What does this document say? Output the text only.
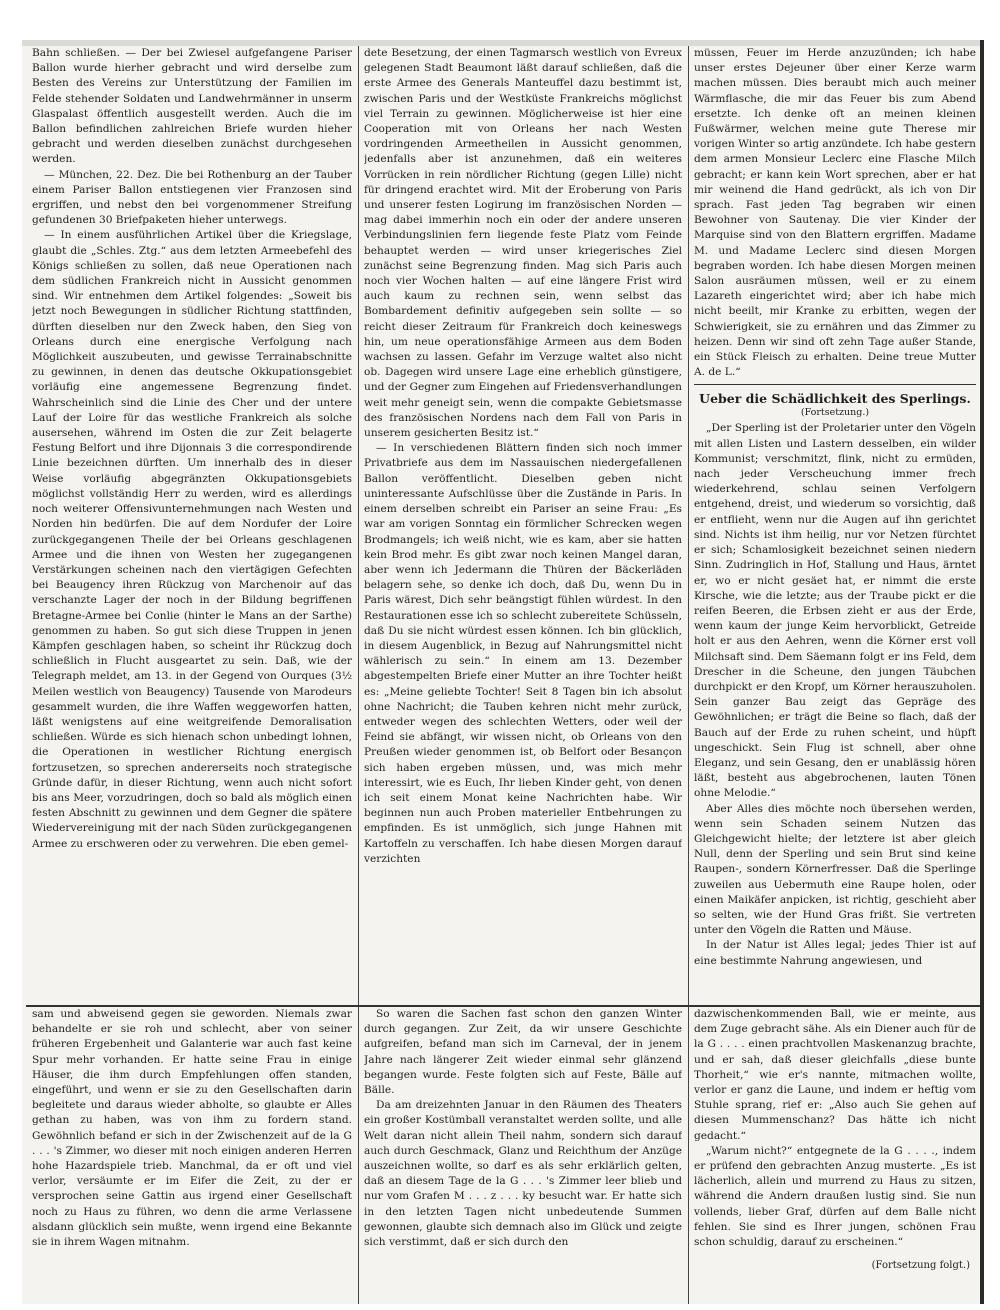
Bahn schließen. — Der bei Zwiesel aufgefangene Pariser Ballon wurde hierher gebracht und wird derselbe zum Besten des Vereins zur Unterstützung der Familien im Felde stehender Soldaten und Landwehrmänner in unserm Glaspalast öffentlich ausgestellt werden. Auch die im Ballon befindlichen zahlreichen Briefe wurden hieher gebracht und werden dieselben zunächst durchgesehen werden.

— München, 22. Dez. Die bei Rothenburg an der Tauber einem Pariser Ballon entstiegenen vier Franzosen sind ergriffen, und nebst den bei vorgenommener Streifung gefundenen 30 Briefpaketen hieher unterwegs.

— In einem ausführlichen Artikel über die Kriegslage, glaubt die „Schles. Ztg.“ aus dem letzten Armeebefehl des Königs schließen zu sollen, daß neue Operationen nach dem südlichen Frankreich nicht in Aussicht genommen sind. Wir entnehmen dem Artikel folgendes: „Soweit bis jetzt noch Bewegungen in südlicher Richtung stattfinden, dürften dieselben nur den Zweck haben, den Sieg von Orleans durch eine energische Verfolgung nach Möglichkeit auszubeuten, und gewisse Terrainabschnitte zu gewinnen, in denen das deutsche Okkupationsgebiet vorläufig eine angemessene Begrenzung findet. Wahrscheinlich sind die Linie des Cher und der untere Lauf der Loire für das westliche Frankreich als solche ausersehen, während im Osten die zur Zeit belagerte Festung Belfort und ihre Dijonnais 3 die correspondirende Linie bezeichnen dürften. Um innerhalb des in dieser Weise vorläufig abgegränzten Okkupationsgebiets möglichst vollständig Herr zu werden, wird es allerdings noch weiterer Offensivunternehmungen nach Westen und Norden hin bedürfen. Die auf dem Nordufer der Loire zurückgegangenen Theile der bei Orleans geschlagenen Armee und die ihnen von Westen her zugegangenen Verstärkungen scheinen nach den viertägigen Gefechten bei Beaugency ihren Rückzug von Marchenoir auf das verschanzte Lager der noch in der Bildung begriffenen Bretagne-Armee bei Conlie (hinter le Mans an der Sarthe) genommen zu haben. So gut sich diese Truppen in jenen Kämpfen geschlagen haben, so scheint ihr Rückzug doch schließlich in Flucht ausgeartet zu sein. Daß, wie der Telegraph meldet, am 13. in der Gegend von Ourques (3½ Meilen westlich von Beaugency) Tausende von Marodeurs gesammelt wurden, die ihre Waffen weggeworfen hatten, läßt wenigstens auf eine weitgreifende Demoralisation schließen. Würde es sich hienach schon unbedingt lohnen, die Operationen in westlicher Richtung energisch fortzusetzen, so sprechen andererseits noch strategische Gründe dafür, in dieser Richtung, wenn auch nicht sofort bis ans Meer, vorzudringen, doch so bald als möglich einen festen Abschnitt zu gewinnen und dem Gegner die spätere Wiedervereinigung mit der nach Süden zurückgegangenen Armee zu erschweren oder zu verwehren. Die eben gemel-

dete Besetzung, der einen Tagmarsch westlich von Evreux gelegenen Stadt Beaumont läßt darauf schließen, daß die erste Armee des Generals Manteuffel dazu bestimmt ist, zwischen Paris und der Westküste Frankreichs möglichst viel Terrain zu gewinnen. Möglicherweise ist hier eine Cooperation mit von Orleans her nach Westen vordringenden Armeetheilen in Aussicht genommen, jedenfalls aber ist anzunehmen, daß ein weiteres Vorrücken in rein nördlicher Richtung (gegen Lille) nicht für dringend erachtet wird. Mit der Eroberung von Paris und unserer festen Logirung im französischen Norden — mag dabei immerhin noch ein oder der andere unseren Verbindungslinien fern liegende feste Platz vom Feinde behauptet werden — wird unser kriegerisches Ziel zunächst seine Begrenzung finden. Mag sich Paris auch noch vier Wochen halten — auf eine längere Frist wird auch kaum zu rechnen sein, wenn selbst das Bombardement definitiv aufgegeben sein sollte — so reicht dieser Zeitraum für Frankreich doch keineswegs hin, um neue operationsfähige Armeen aus dem Boden wachsen zu lassen. Gefahr im Verzuge waltet also nicht ob. Dagegen wird unsere Lage eine erheblich günstigere, und der Gegner zum Eingehen auf Friedensverhandlungen weit mehr geneigt sein, wenn die compakte Gebietsmasse des französischen Nordens nach dem Fall von Paris in unserem gesicherten Besitz ist.“

— In verschiedenen Blättern finden sich noch immer Privatbriefe aus dem im Nassauischen niedergefallenen Ballon veröffentlicht. Dieselben geben nicht uninteressante Aufschlüsse über die Zustände in Paris. In einem derselben schreibt ein Pariser an seine Frau: „Es war am vorigen Sonntag ein förmlicher Schrecken wegen Brodmangels; ich weiß nicht, wie es kam, aber sie hatten kein Brod mehr. Es gibt zwar noch keinen Mangel daran, aber wenn ich Jedermann die Thüren der Bäckerläden belagern sehe, so denke ich doch, daß Du, wenn Du in Paris wärest, Dich sehr beängstigt fühlen würdest. In den Restaurationen esse ich so schlecht zubereitete Schüsseln, daß Du sie nicht würdest essen können. Ich bin glücklich, in diesem Augenblick, in Bezug auf Nahrungsmittel nicht wählerisch zu sein.“ In einem am 13. Dezember abgestempelten Briefe einer Mutter an ihre Tochter heißt es: „Meine geliebte Tochter! Seit 8 Tagen bin ich absolut ohne Nachricht; die Tauben kehren nicht mehr zurück, entweder wegen des schlechten Wetters, oder weil der Feind sie abfängt, wir wissen nicht, ob Orleans von den Preußen wieder genommen ist, ob Belfort oder Besançon sich haben ergeben müssen, und, was mich mehr interessirt, wie es Euch, Ihr lieben Kinder geht, von denen ich seit einem Monat keine Nachrichten habe. Wir beginnen nun auch Proben materieller Entbehrungen zu empfinden. Es ist unmöglich, sich junge Hahnen mit Kartoffeln zu verschaffen. Ich habe diesen Morgen darauf verzichten

müssen, Feuer im Herde anzuzünden; ich habe unser erstes Dejeuner über einer Kerze warm machen müssen. Dies beraubt mich auch meiner Wärmflasche, die mir das Feuer bis zum Abend ersetzte. Ich denke oft an meinen kleinen Fußwärmer, welchen meine gute Therese mir vorigen Winter so artig anzündete. Ich habe gestern dem armen Monsieur Leclerc eine Flasche Milch gebracht; er kann kein Wort sprechen, aber er hat mir weinend die Hand gedrückt, als ich von Dir sprach. Fast jeden Tag begraben wir einen Bewohner von Sautenay. Die vier Kinder der Marquise sind von den Blattern ergriffen. Madame M. und Madame Leclerc sind diesen Morgen begraben worden. Ich habe diesen Morgen meinen Salon ausräumen müssen, weil er zu einem Lazareth eingerichtet wird; aber ich habe mich nicht beeilt, mir Kranke zu erbitten, wegen der Schwierigkeit, sie zu ernähren und das Zimmer zu heizen. Denn wir sind oft zehn Tage außer Stande, ein Stück Fleisch zu erhalten. Deine treue Mutter A. de L.“

Ueber die Schädlichkeit des Sperlings.

(Fortsetzung.)

„Der Sperling ist der Proletarier unter den Vögeln mit allen Listen und Lastern desselben, ein wilder Kommunist; verschmitzt, flink, nicht zu ermüden, nach jeder Verscheuchung immer frech wiederkehrend, schlau seinen Verfolgern entgehend, dreist, und wiederum so vorsichtig, daß er entflieht, wenn nur die Augen auf ihn gerichtet sind. Nichts ist ihm heilig, nur vor Netzen fürchtet er sich; Schamlosigkeit bezeichnet seinen niedern Sinn. Zudringlich in Hof, Stallung und Haus, ärntet er, wo er nicht gesäet hat, er nimmt die erste Kirsche, wie die letzte; aus der Traube pickt er die reifen Beeren, die Erbsen zieht er aus der Erde, wenn kaum der junge Keim hervorblickt, Getreide holt er aus den Aehren, wenn die Körner erst voll Milchsaft sind. Dem Säemann folgt er ins Feld, dem Drescher in die Scheune, den jungen Täubchen durchpickt er den Kropf, um Körner herauszuholen. Sein ganzer Bau zeigt das Gepräge des Gewöhnlichen; er trägt die Beine so flach, daß der Bauch auf der Erde zu ruhen scheint, und hüpft ungeschickt. Sein Flug ist schnell, aber ohne Eleganz, und sein Gesang, den er unablässig hören läßt, besteht aus abgebrochenen, lauten Tönen ohne Melodie.“

Aber Alles dies möchte noch übersehen werden, wenn sein Schaden seinem Nutzen das Gleichgewicht hielte; der letztere ist aber gleich Null, denn der Sperling und sein Brut sind keine Raupen-, sondern Körnerfresser. Daß die Sperlinge zuweilen aus Uebermuth eine Raupe holen, oder einen Maikäfer anpicken, ist richtig, geschieht aber so selten, wie der Hund Gras frißt. Sie vertreten unter den Vögeln die Ratten und Mäuse.

In der Natur ist Alles legal; jedes Thier ist auf eine bestimmte Nahrung angewiesen, und

sam und abweisend gegen sie geworden. Niemals zwar behandelte er sie roh und schlecht, aber von seiner früheren Ergebenheit und Galanterie war auch fast keine Spur mehr vorhanden. Er hatte seine Frau in einige Häuser, die ihm durch Empfehlungen offen standen, eingeführt, und wenn er sie zu den Gesellschaften darin begleitete und daraus wieder abholte, so glaubte er Alles gethan zu haben, was von ihm zu fordern stand. Gewöhnlich befand er sich in der Zwischenzeit auf de la G . . . 's Zimmer, wo dieser mit noch einigen anderen Herren hohe Hazardspiele trieb. Manchmal, da er oft und viel verlor, versäumte er im Eifer die Zeit, zu der er versprochen seine Gattin aus irgend einer Gesellschaft noch zu Haus zu führen, wo denn die arme Verlassene alsdann glücklich sein mußte, wenn irgend eine Bekannte sie in ihrem Wagen mitnahm.

So waren die Sachen fast schon den ganzen Winter durch gegangen. Zur Zeit, da wir unsere Geschichte aufgreifen, befand man sich im Carneval, der in jenem Jahre nach längerer Zeit wieder einmal sehr glänzend begangen wurde. Feste folgten sich auf Feste, Bälle auf Bälle.

Da am dreizehnten Januar in den Räumen des Theaters ein großer Kostümball veranstaltet werden sollte, und alle Welt daran nicht allein Theil nahm, sondern sich darauf auch durch Geschmack, Glanz und Reichthum der Anzüge auszeichnen wollte, so darf es als sehr erklärlich gelten, daß an diesem Tage de la G . . . 's Zimmer leer blieb und nur vom Grafen M . . . z . . . ky besucht war. Er hatte sich in den letzten Tagen nicht unbedeutende Summen gewonnen, glaubte sich demnach also im Glück und zeigte sich verstimmt, daß er sich durch den

dazwischenkommenden Ball, wie er meinte, aus dem Zuge gebracht sähe. Als ein Diener auch für de la G . . . . einen prachtvollen Maskenanzug brachte, und er sah, daß dieser gleichfalls „diese bunte Thorheit,“ wie er's nannte, mitmachen wollte, verlor er ganz die Laune, und indem er heftig vom Stuhle sprang, rief er: „Also auch Sie gehen auf diesen Mummenschanz? Das hätte ich nicht gedacht.“

„Warum nicht?“ entgegnete de la G . . . ., indem er prüfend den gebrachten Anzug musterte. „Es ist lächerlich, allein und murrend zu Haus zu sitzen, während die Andern draußen lustig sind. Sie nun vollends, lieber Graf, dürfen auf dem Balle nicht fehlen. Sie sind es Ihrer jungen, schönen Frau schon schuldig, darauf zu erscheinen.“

(Fortsetzung folgt.)
